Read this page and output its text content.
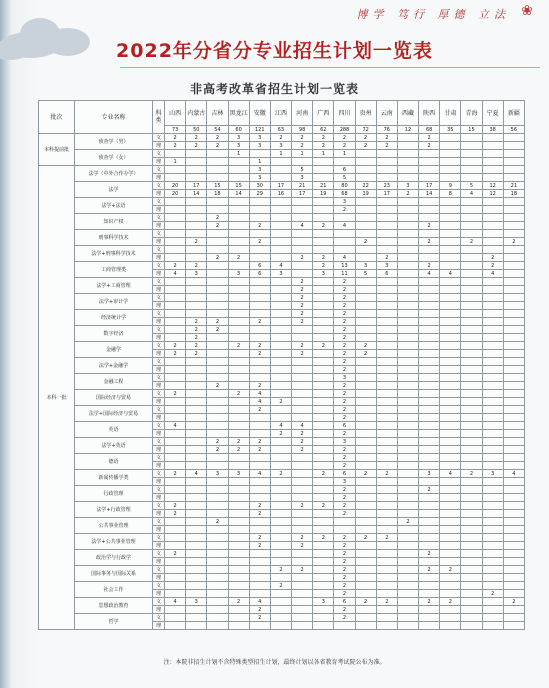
博学 笃行 厚德 立法 ❀
2022年分省分专业招生计划一览表
非高考改革省招生计划一览表
批次	专业名称	科类	山西	内蒙古	吉林	黑龙江	安徽	江西	河南	广西	四川	贵州	云南	西藏	陕西	甘肃	青海	宁夏	新疆
			73	50	54	60	121	63	98	62	288	72	76	12	68	35	15	38	56
本科提前批	侦查学（男）	文	2	2	2	3	3	2	2	2	2	2	2		2				
		理	2	2	2	3	3	3	2	2	2	2	2		2				
	侦查学（女）	文				1		1	1	1	1								
		理	1				1												
本科一批	法学（中外合作办学）	文					3		5		6								
		理					3		3		5								
	法学	文	20	17	15	15	30	17	21	21	80	22	23	3	17	9	5	12	21
		理	20	14	18	14	29	16	17	19	68	19	17	2	14	8	4	12	18
	法学+法语	文									3								
		理									2								
	知识产权	文			2														
		理			2		2		4	2	4				2				
	刑事科学技术	文																	
		理		2			2					2			2		2		2
	法学+刑事科学技术	文																	
		理			2	2			2	2	4		2					2	
	工商管理类	文	2	2			6	4		2	13	3	3		2			2	
		理	4	3		3	6	3		3	11	5	6		4	4		4	
	法学+工商管理	文							2		2								
		理							2		2								
	法学+审计学	文							2		2								
		理							2		2								
	经济统计学	文							2		2								
		理		2	2		2		2		2								
	数字经济	文		2	2						2								
		理		2							2								
	金融学	文	2	2		2	2		2	2	2	2							
		理	2	2			2		2		2	2							
	法学+金融学	文									2								
		理									2								
	金融工程	文									3								
		理			2		2				2								
	国际经济与贸易	文	2			2	4				2								
		理					4	2			2								
	法学+国际经济与贸易	文					2				2								
		理									2								
	英语	文	4					4	4		6								
		理						2	2		2								
	法学+英语	文			2	2	2		2		3								
		理			2	2	2		2		2								
	德语	文									2								
		理									2								
	新闻传播学类	文	2	4	3	3	4	2		2	6	2	2		3	4	2	3	4
		理									3								
	行政管理	文									2				2				
		理									2								
	法学+行政管理	文	2				2		2	2	2								
		理	2				2				2								
	公共事业管理	文			2									2					
		理																	
	法学+公共事业管理	文					2		2	2	2	2	2						
		理					2		2		2								
	政治学与行政学	文	2								2				2				
		理									2								
	国际事务与国际关系	文						2	2		2				2	2			
		理									2								
	社会工作	文						2			2								
		理									2							2	
	思想政治教育	文	4	3		2	4			3	6	2	2		2	2			2
		理					2				2								
	哲学	文					2				2								
		理																	
注：本院非招生计划不含特殊类型招生计划，最终计划以各省教育考试院公布为准。
